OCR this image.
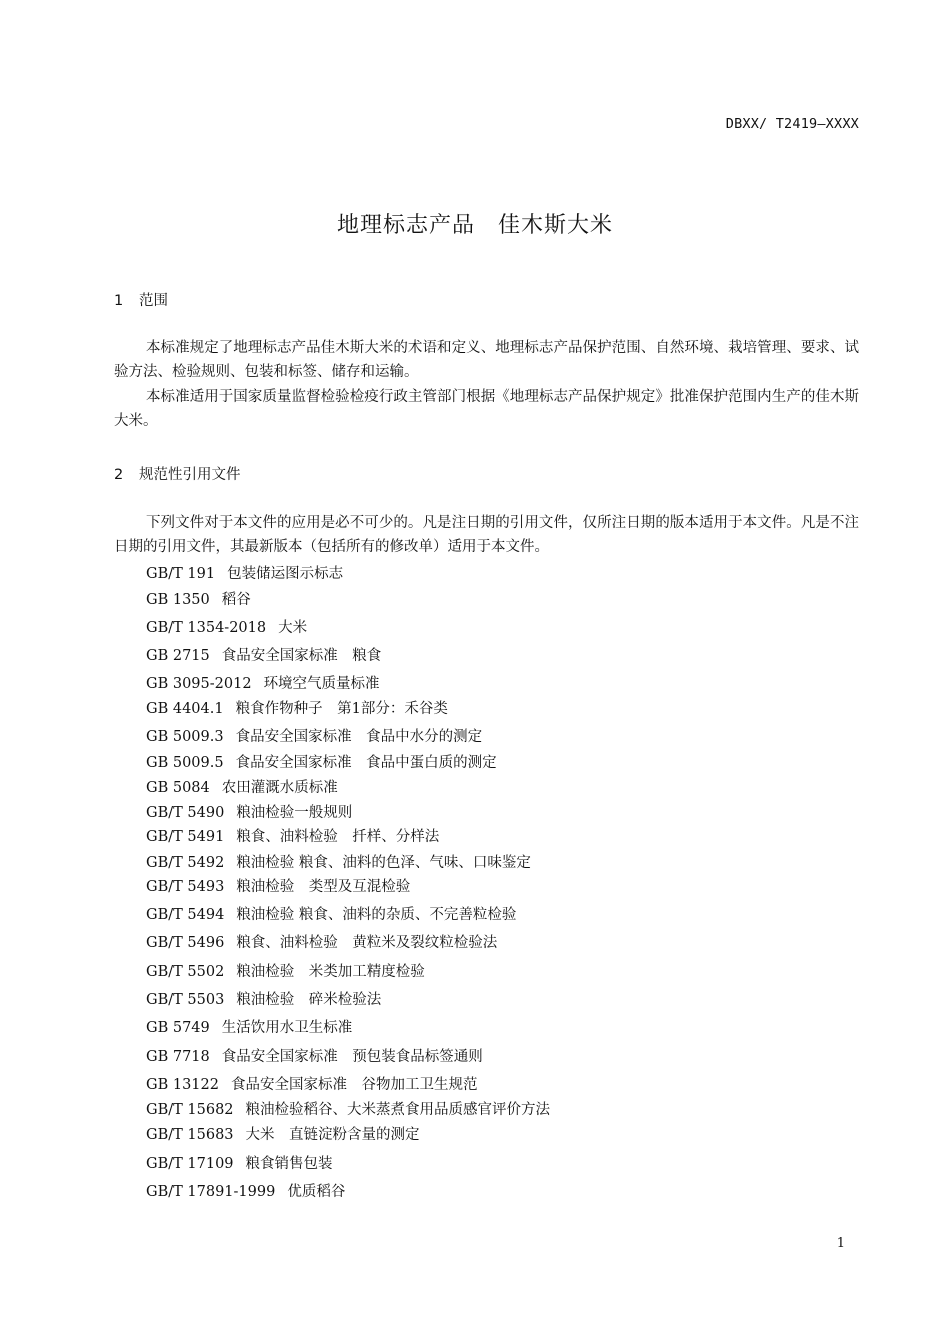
DBXX/ T2419—XXXX
地理标志产品　佳木斯大米
1 范围

本标准规定了地理标志产品佳木斯大米的术语和定义、地理标志产品保护范围、自然环境、栽培管理、要求、试验方法、检验规则、包装和标签、储存和运输。

本标准适用于国家质量监督检验检疫行政主管部门根据《地理标志产品保护规定》批准保护范围内生产的佳木斯大米。

2 规范性引用文件

下列文件对于本文件的应用是必不可少的。凡是注日期的引用文件，仅所注日期的版本适用于本文件。凡是不注日期的引用文件，其最新版本（包括所有的修改单）适用于本文件。

GB/T 191 包装储运图示标志
GB 1350 稻谷
GB/T 1354-2018 大米
GB 2715 食品安全国家标准　粮食
GB 3095-2012 环境空气质量标准
GB 4404.1 粮食作物种子　第1部分：禾谷类
GB 5009.3 食品安全国家标准　食品中水分的测定
GB 5009.5 食品安全国家标准　食品中蛋白质的测定
GB 5084 农田灌溉水质标准
GB/T 5490 粮油检验一般规则
GB/T 5491 粮食、油料检验　扦样、分样法
GB/T 5492 粮油检验 粮食、油料的色泽、气味、口味鉴定
GB/T 5493 粮油检验　类型及互混检验
GB/T 5494 粮油检验 粮食、油料的杂质、不完善粒检验
GB/T 5496 粮食、油料检验　黄粒米及裂纹粒检验法
GB/T 5502 粮油检验　米类加工精度检验
GB/T 5503 粮油检验　碎米检验法
GB 5749 生活饮用水卫生标准
GB 7718 食品安全国家标准　预包装食品标签通则
GB 13122 食品安全国家标准　谷物加工卫生规范
GB/T 15682 粮油检验稻谷、大米蒸煮食用品质感官评价方法
GB/T 15683 大米　直链淀粉含量的测定
GB/T 17109 粮食销售包装
GB/T 17891-1999 优质稻谷
1
